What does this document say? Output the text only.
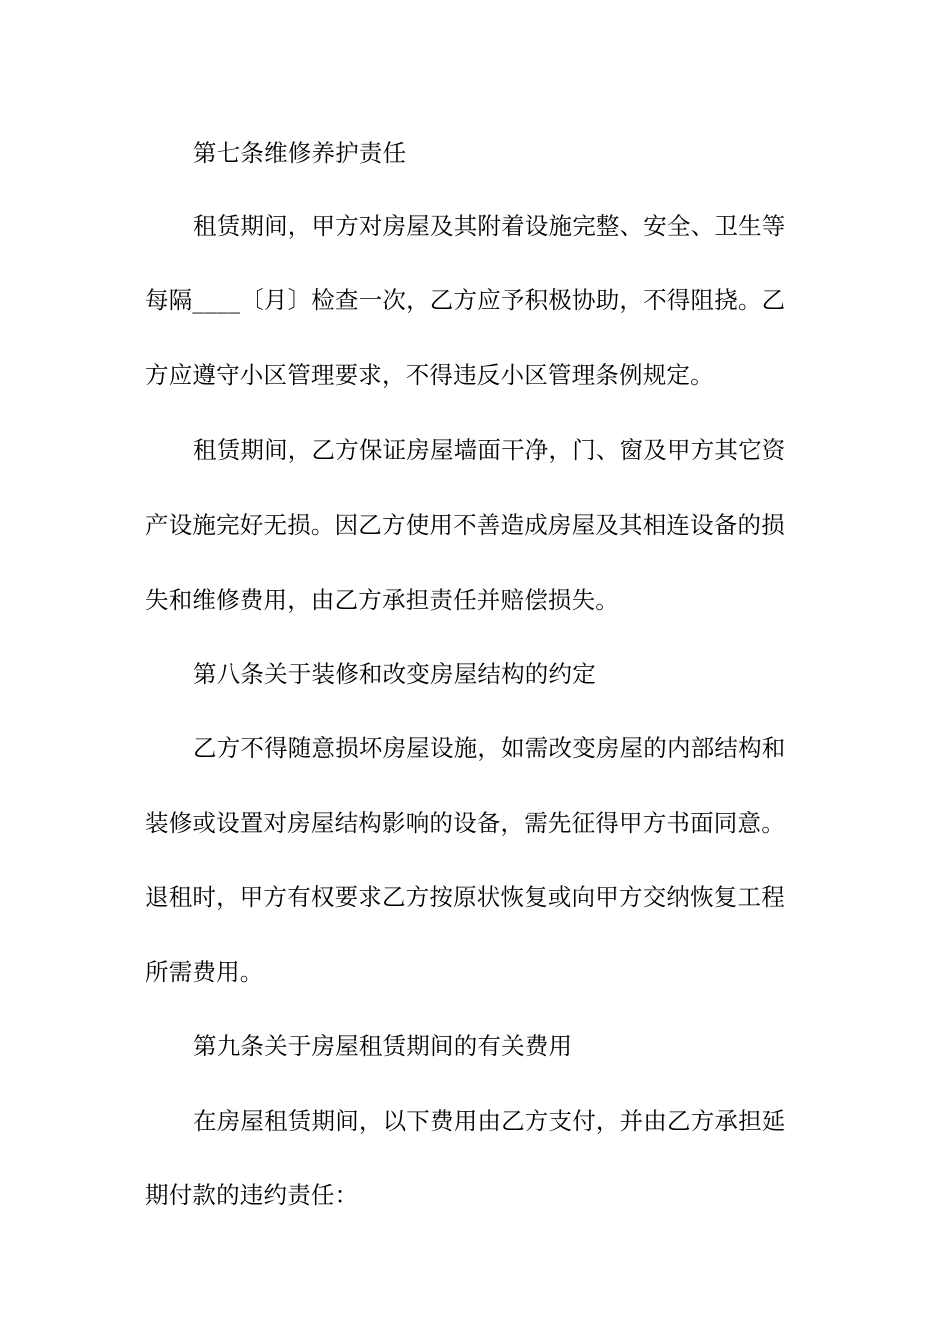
第七条维修养护责任
租赁期间，甲方对房屋及其附着设施完整、安全、卫生等
每隔____〔月〕检查一次，乙方应予积极协助，不得阻挠。乙
方应遵守小区管理要求，不得违反小区管理条例规定。
租赁期间，乙方保证房屋墙面干净，门、窗及甲方其它资
产设施完好无损。因乙方使用不善造成房屋及其相连设备的损
失和维修费用，由乙方承担责任并赔偿损失。
第八条关于装修和改变房屋结构的约定
乙方不得随意损坏房屋设施，如需改变房屋的内部结构和
装修或设置对房屋结构影响的设备，需先征得甲方书面同意。
退租时，甲方有权要求乙方按原状恢复或向甲方交纳恢复工程
所需费用。
第九条关于房屋租赁期间的有关费用
在房屋租赁期间，以下费用由乙方支付，并由乙方承担延
期付款的违约责任：
